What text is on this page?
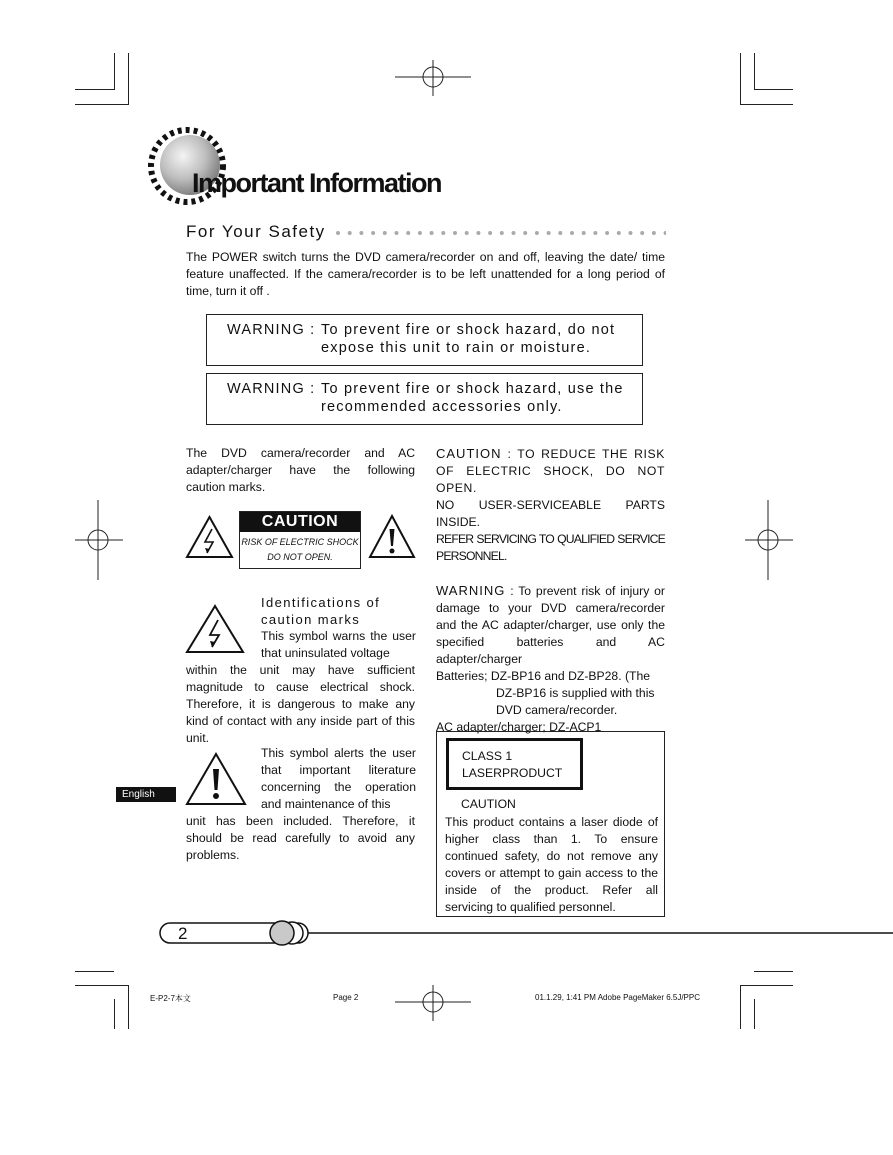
Important Information
For Your Safety
The POWER switch turns the DVD camera/recorder on and off, leaving the date/ time feature unaffected. If the camera/recorder is to be left unattended for a long period of time, turn it off .
WARNING : To prevent fire or shock hazard, do not
expose this unit to rain or moisture.
WARNING : To prevent fire or shock hazard, use the
recommended accessories only.
The DVD camera/recorder and AC adapter/charger have the following caution marks.
CAUTION
RISK OF ELECTRIC SHOCK
DO NOT OPEN.
Identifications of caution marks
This symbol warns the user that uninsulated voltage
within the unit may have sufficient magnitude to cause electrical shock. Therefore, it is dangerous to make any kind of contact with any inside part of this unit.
This symbol alerts the user that important literature concerning the operation and maintenance of this
unit has been included. Therefore, it should be read carefully to avoid any problems.
CAUTION : TO REDUCE THE RISK OF ELECTRIC SHOCK, DO NOT OPEN.
NO USER-SERVICEABLE PARTS INSIDE.
REFER SERVICING TO QUALIFIED SERVICE PERSONNEL.
WARNING : To prevent risk of injury or damage to your DVD camera/recorder and the AC adapter/charger, use only the specified batteries and AC adapter/charger
Batteries; DZ-BP16 and DZ-BP28. (The
DZ-BP16 is supplied with this DVD camera/recorder.
AC adapter/charger; DZ-ACP1
CLASS 1
LASERPRODUCT
CAUTION
This product contains a laser diode of higher class than 1. To ensure continued safety, do not remove any covers or attempt to gain access to the inside of the product. Refer all servicing to qualified personnel.
English
2
E-P2-7本文	Page 2	01.1.29, 1:41 PM Adobe PageMaker 6.5J/PPC
